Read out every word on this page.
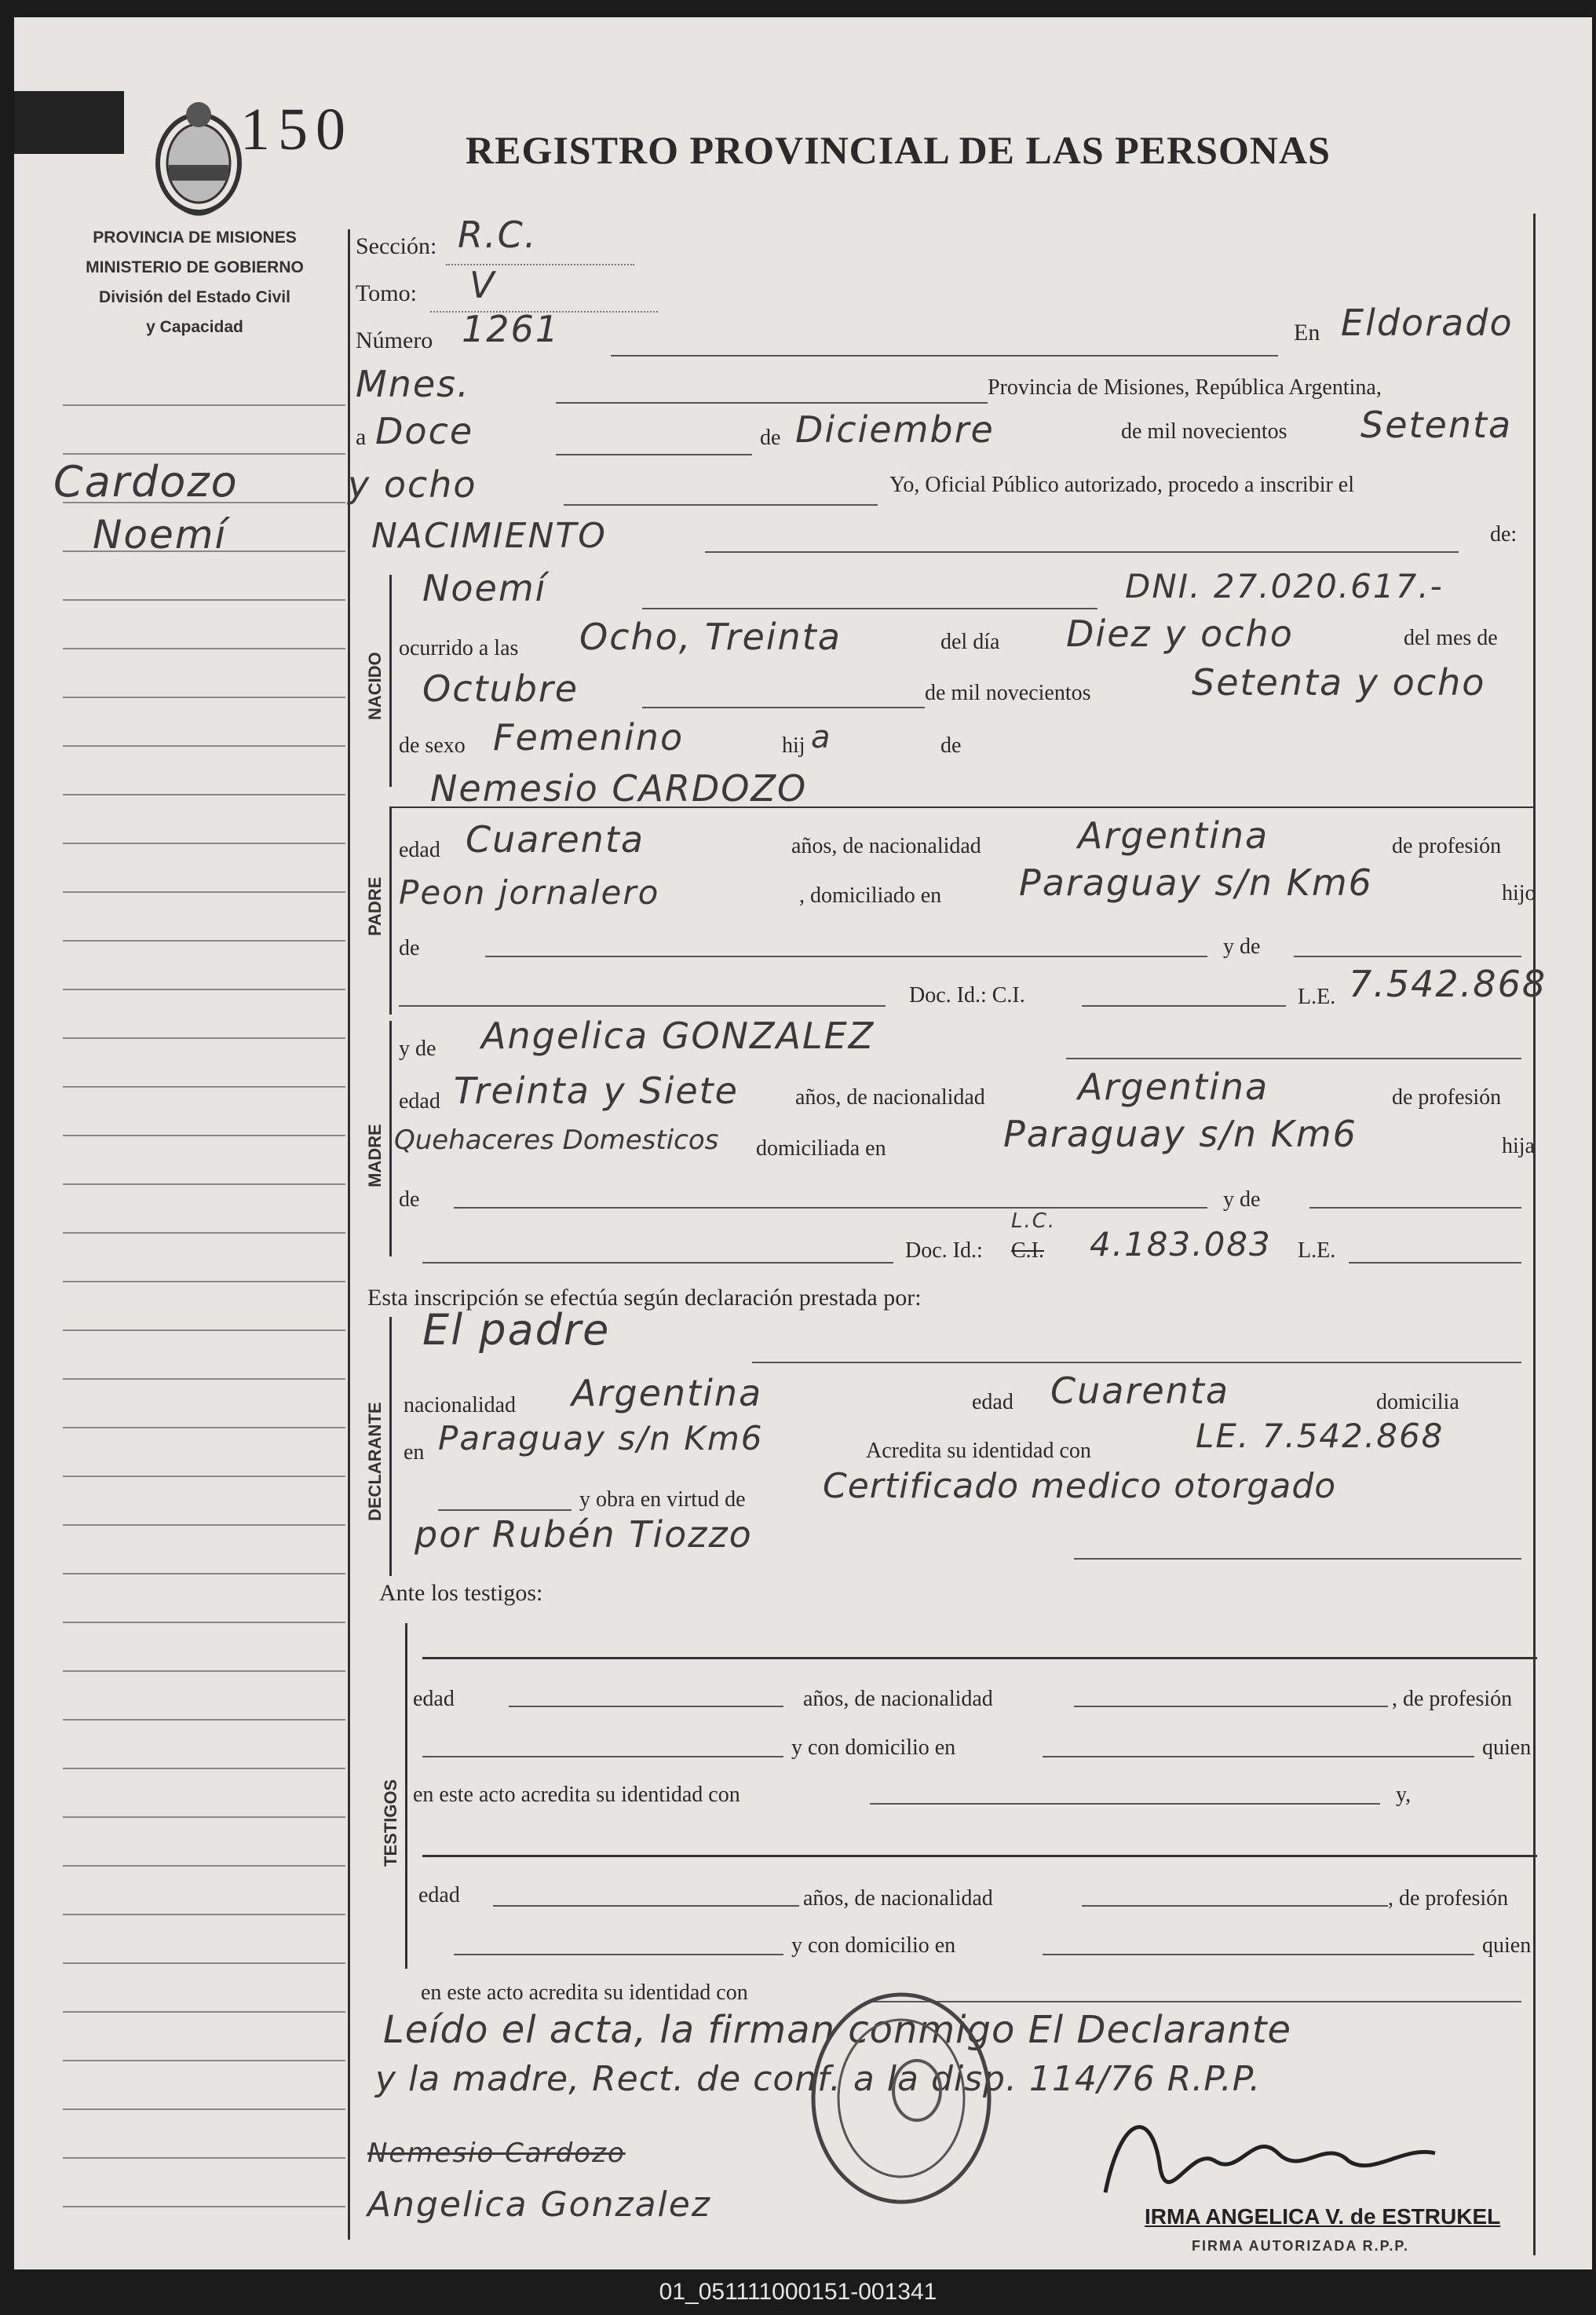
150	REGISTRO PROVINCIAL DE LAS PERSONAS
PROVINCIA DE MISIONES
MINISTERIO DE GOBIERNO
División del Estado Civil
y Capacidad
Cardozo
Noemí
Sección: R.C.
Tomo: V
Número 1261	En Eldorado
Mnes.	Provincia de Misiones, República Argentina,
a Doce	de Diciembre	de mil novecientos Setenta
y ocho	Yo, Oficial Público autorizado, procedo a inscribir el
NACIMIENTO	de:
NACIDO
Noemí	DNI. 27.020.617.-
ocurrido a las Ocho, Treinta	del día Diez y ocho	del mes de
Octubre	de mil novecientos	Setenta y ocho
de sexo Femenino	hij a	de
PADRE
Nemesio CARDOZO
edad Cuarenta	años, de nacionalidad	Argentina	de profesión
Peon jornalero	, domiciliado en Paraguay s/n Km6	hijo
de	y de
Doc. Id.: C.I.	L.E. 7.542.868
MADRE
y de Angelica GONZALEZ
edad Treinta y Siete	años, de nacionalidad	Argentina	de profesión
Quehaceres Domesticos domiciliada en	Paraguay s/n Km6	hija
de	y de
Doc. Id.: C.I.
L.C.
4.183.083 L.E.
Esta inscripción se efectúa según declaración prestada por:
DECLARANTE
El padre
nacionalidad Argentina	edad Cuarenta	domicilia
en Paraguay s/n Km6	Acredita su identidad con	LE. 7.542.868
y obra en virtud de Certificado medico otorgado
por Rubén Tiozzo
Ante los testigos:
TESTIGOS
edad	años, de nacionalidad	, de profesión
y con domicilio en	quien
en este acto acredita su identidad con	y,
edad	años, de nacionalidad	, de profesión
y con domicilio en	quien
en este acto acredita su identidad con
Leído el acta, la firman conmigo El Declarante
y la madre, Rect. de conf. a la disp. 114/76 R.P.P.
Nemesio Cardozo
Angelica Gonzalez	IRMA ANGELICA V. de ESTRUKEL
FIRMA AUTORIZADA R.P.P.
01_051111000151-001341
